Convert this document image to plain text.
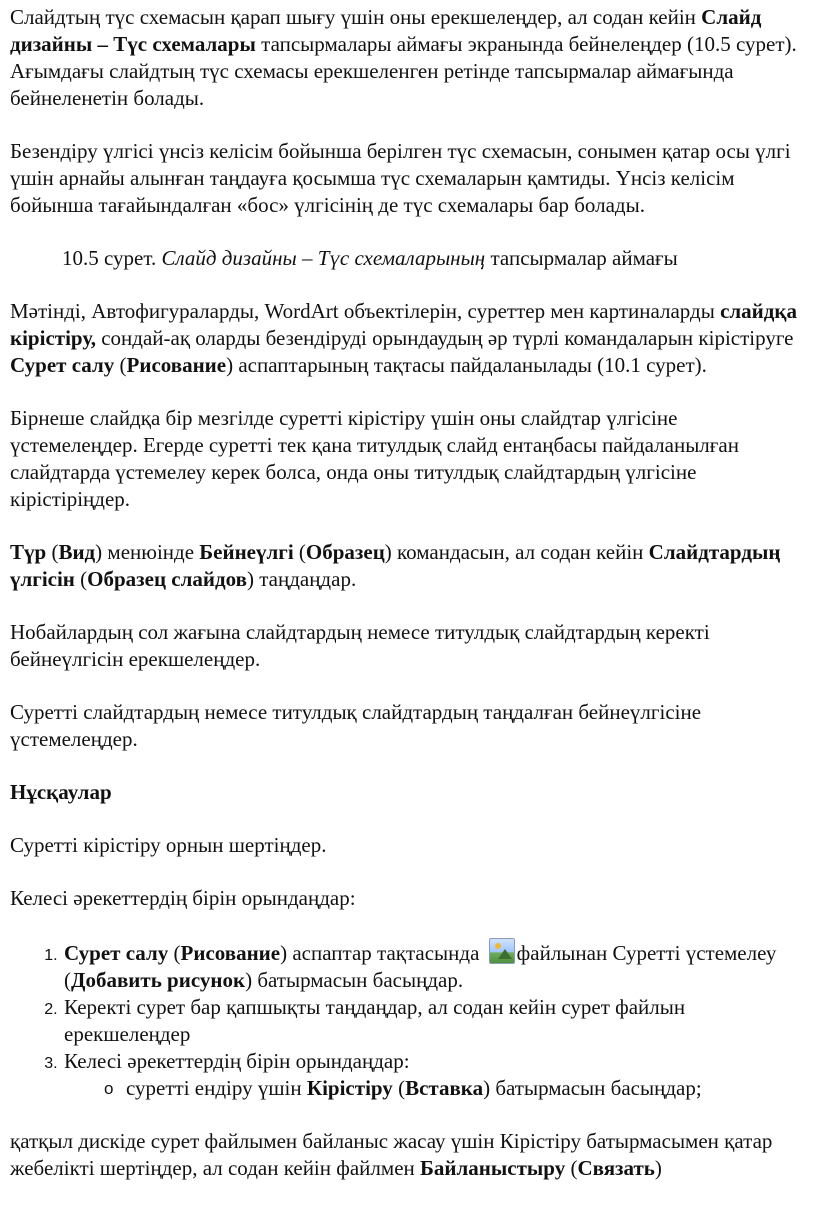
Слайдтың түс схемасын қарап шығу үшін оны ерекшелеңдер, ал содан кейін Слайд дизайны – Түс схемалары тапсырмалары аймағы экранында бейнелеңдер (10.5 сурет). Ағымдағы слайдтың түс схемасы ерекшеленген ретінде тапсырмалар аймағында бейнеленетін болады.

Безендіру үлгісі үнсіз келісім бойынша берілген түс схемасын, сонымен қатар осы үлгі үшін арнайы алынған таңдауға қосымша түс схемаларын қамтиды. Үнсіз келісім бойынша тағайындалған «бос» үлгісінің де түс схемалары бар болады.

10.5 сурет. Слайд дизайны – Түс схемаларының тапсырмалар аймағы

Мәтінді, Автофигураларды, WordArt объектілерін, суреттер мен картиналарды слайдқа кірістіру, сондай-ақ оларды безендіруді орындаудың әр түрлі командаларын кірістіруге Сурет салу (Рисование) аспаптарының тақтасы пайдаланылады (10.1 сурет).

Бірнеше слайдқа бір мезгілде суретті кірістіру үшін оны слайдтар үлгісіне үстемелеңдер. Егерде суретті тек қана титулдық слайд ентаңбасы пайдаланылған слайдтарда үстемелеу керек болса, онда оны титулдық слайдтардың үлгісіне кірістіріңдер.

Түр (Вид) менюінде Бейнеүлгі (Образец) командасын, ал содан кейін Слайдтардың үлгісін (Образец слайдов) таңдаңдар.

Нобайлардың сол жағына слайдтардың немесе титулдық слайдтардың керекті бейнеүлгісін ерекшелеңдер.

Суретті слайдтардың немесе титулдық слайдтардың таңдалған бейнеүлгісіне үстемелеңдер.

Нұсқаулар

Суретті кірістіру орнын шертіңдер.

Келесі әрекеттердің бірін орындаңдар:

1. Сурет салу (Рисование) аспаптар тақтасында
файлынан Суретті үстемелеу (Добавить рисунок) батырмасын басыңдар.
2. Керекті сурет бар қапшықты таңдаңдар, ал содан кейін сурет файлын ерекшелеңдер
3. Келесі әрекеттердің бірін орындаңдар:
o суретті ендіру үшін Кірістіру (Вставка) батырмасын басыңдар;

қатқыл дискіде сурет файлымен байланыс жасау үшін Кірістіру батырмасымен қатар жебелікті шертіңдер, ал содан кейін файлмен Байланыстыру (Связать)
